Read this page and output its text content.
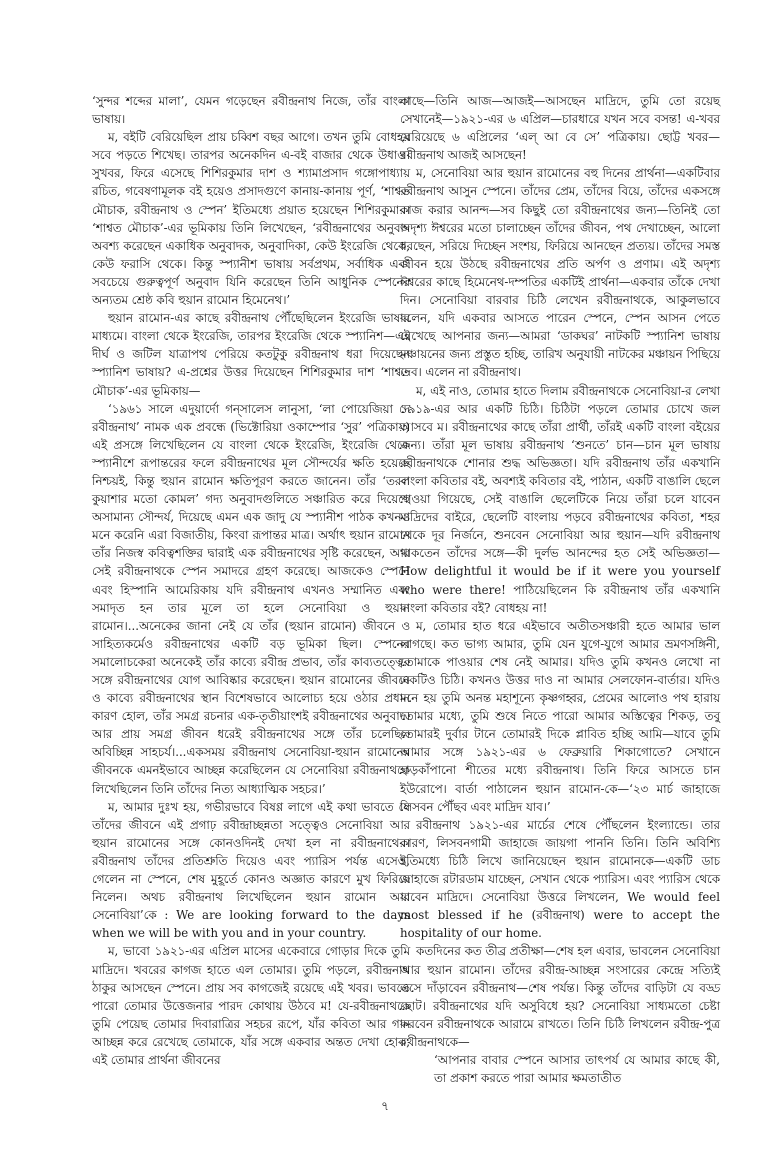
‘সুন্দর শব্দের মালা’, যেমন গড়েছেন রবীন্দ্রনাথ নিজে, তাঁর বাংলা ভাষায়।

ম, বইটি বেরিয়েছিল প্রায় চব্বিশ বছর আগে। তখন তুমি বোধহয় সবে পড়তে শিখেছ। তারপর অনেকদিন এ-বই বাজার থেকে উধাও। সুখবর, ফিরে এসেছে শিশিরকুমার দাশ ও শ্যামাপ্রসাদ গঙ্গোপাধ্যায় রচিত, গবেষণামূলক বই হয়েও প্রসাদগুণে কানায়-কানায় পূর্ণ, ‘শাশ্বত মৌচাক, রবীন্দ্রনাথ ও স্পেন’ ইতিমধ্যে প্রয়াত হয়েছেন শিশিরকুমার। ‘শাশ্বত মৌচাক’-এর ভূমিকায় তিনি লিখেছেন, ‘রবীন্দ্রনাথের অনুবাদ অবশ্য করেছেন একাধিক অনুবাদক, অনুবাদিকা, কেউ ইংরেজি থেকে, কেউ ফরাসি থেকে। কিন্তু স্প্যানীশ ভাষায় সর্বপ্রথম, সর্বাধিক এবং সবচেয়ে গুরুত্বপূর্ণ অনুবাদ যিনি করেছেন তিনি আধুনিক স্পেনের অন্যতম শ্রেষ্ঠ কবি হুয়ান রামোন হিমেনেথ।’

হুয়ান রামোন-এর কাছে রবীন্দ্রনাথ পৌঁছেছিলেন ইংরেজি ভাষার মাধ্যমে। বাংলা থেকে ইংরেজি, তারপর ইংরেজি থেকে স্প্যানিশ—এই দীর্ঘ ও জটিল যাত্রাপথ পেরিয়ে কতটুকু রবীন্দ্রনাথ ধরা দিয়েছেন স্প্যানিশ ভাষায়? এ-প্রশ্নের উত্তর দিয়েছেন শিশিরকুমার দাশ ‘শাশ্বত মৌচাক’-এর ভূমিকায়—

‘১৯৬১ সালে এদুয়ার্দো গন্‌সালেস লানুসা, ‘লা পোয়েজিয়া দে রবীন্দ্রনাথ’ নামক এক প্রবন্ধে (ভিক্টোরিয়া ওকাম্পোর ‘সুর’ পত্রিকায়) এই প্রসঙ্গে লিখেছিলেন যে বাংলা থেকে ইংরেজি, ইংরেজি থেকে স্প্যানীশে রূপান্তরের ফলে রবীন্দ্রনাথের মূল সৌন্দর্যের ক্ষতি হয়েছে নিশ্চয়ই, কিন্তু হুয়ান রামোন ক্ষতিপূরণ করতে জানেন। তাঁর ‘তরল কুয়াশার মতো কোমল’ গদ্য অনুবাদগুলিতে সঞ্চারিত করে দিয়েছে অসামান্য সৌন্দর্য, দিয়েছে এমন এক জাদু যে স্প্যানীশ পাঠক কখনও মনে করেনি এরা বিজাতীয়, কিংবা রূপান্তর মাত্র। অর্থাৎ হুয়ান রামোন তাঁর নিজস্ব কবিত্বশক্তির দ্বারাই এক রবীন্দ্রনাথের সৃষ্টি করেছেন, আর সেই রবীন্দ্রনাথকে স্পেন সমাদরে গ্রহণ করেছে। আজকেও স্পেনে এবং হিস্পানি আমেরিকায় যদি রবীন্দ্রনাথ এখনও সম্মানিত এবং সমাদৃত হন তার মূলে তা হলে সেনোবিয়া ও হুয়ান রামোন।...অনেকের জানা নেই যে তাঁর (হুয়ান রামোন) জীবনে ও সাহিত্যকর্মেও রবীন্দ্রনাথের একটি বড় ভূমিকা ছিল। স্পেনের সমালোচকেরা অনেকেই তাঁর কাব্যে রবীন্দ্র প্রভাব, তাঁর কাব্যতত্ত্বের সঙ্গে রবীন্দ্রনাথের যোগ আবিষ্কার করেছেন। হুয়ান রামোনের জীবনে ও কাব্যে রবীন্দ্রনাথের স্থান বিশেষভাবে আলোচ্য হয়ে ওঠার প্রধান কারণ হোল, তাঁর সমগ্র রচনার এক-তৃতীয়াংশই রবীন্দ্রনাথের অনুবাদ। আর প্রায় সমগ্র জীবন ধরেই রবীন্দ্রনাথের সঙ্গে তাঁর চলেছিল অবিচ্ছিন্ন সাহচর্য।...একসময় রবীন্দ্রনাথ সেনোবিয়া-হুয়ান রামোনের জীবনকে এমনইভাবে আচ্ছন্ন করেছিলেন যে সেনোবিয়া রবীন্দ্রনাথকে লিখেছিলেন তিনি তাঁদের নিত্য আধ্যাত্মিক সহচর।’

ম, আমার দুঃখ হয়, গভীরভাবে বিষণ্ণ লাগে এই কথা ভাবতে যে তাঁদের জীবনে এই প্রগাঢ় রবীন্দ্রাচ্ছন্নতা সত্ত্বেও সেনোবিয়া আর হুয়ান রামোনের সঙ্গে কোনওদিনই দেখা হল না রবীন্দ্রনাথের। রবীন্দ্রনাথ তাঁদের প্রতিশ্রুতি দিয়েও এবং প্যারিস পর্যন্ত এসেও, গেলেন না স্পেনে, শেষ মুহূর্তে কোনও অজ্ঞাত কারণে মুখ ফিরিয়ে নিলেন। অথচ রবীন্দ্রনাথ লিখেছিলেন হুয়ান রামোন আর সেনোবিয়া’কে : We are looking forward to the days when we will be with you and in your country.

ম, ভাবো ১৯২১-এর এপ্রিল মাসের একেবারে গোড়ার দিকে তুমি মাদ্রিদে। খবরের কাগজ হাতে এল তোমার। তুমি পড়লে, রবীন্দ্রনাথ ঠাকুর আসছেন স্পেনে। প্রায় সব কাগজেই রয়েছে এই খবর। ভাবতে পারো তোমার উত্তেজনার পারদ কোথায় উঠবে ম! যে-রবীন্দ্রনাথকে তুমি পেয়েছ তোমার দিবারাত্রির সহচর রূপে, যাঁর কবিতা আর গান আচ্ছন্ন করে রেখেছে তোমাকে, যাঁর সঙ্গে একবার অন্তত দেখা হোক, এই তোমার প্রার্থনা জীবনের

কাছে—তিনি আজ—আজই—আসছেন মাদ্রিদে, তুমি তো রয়েছ সেখানেই—১৯২১-এর ৬ এপ্রিল—চারধারে যখন সবে বসন্ত! এ-খবর বেরিয়েছে ৬ এপ্রিলের ‘এল্ আ বে সে’ পত্রিকায়। ছোট্ট খবর—রবীন্দ্রনাথ আজই আসছেন!

ম, সেনোবিয়া আর হুয়ান রামোনের বহু দিনের প্রার্থনা—একটিবার রবীন্দ্রনাথ আসুন স্পেনে। তাঁদের প্রেম, তাঁদের বিয়ে, তাঁদের একসঙ্গে কাজ করার আনন্দ—সব কিছুই তো রবীন্দ্রনাথের জন্য—তিনিই তো অদৃশ্য ঈশ্বরের মতো চালাচ্ছেন তাঁদের জীবন, পথ দেখাচ্ছেন, আলো ধরছেন, সরিয়ে দিচ্ছেন সংশয়, ফিরিয়ে আনছেন প্রত্যয়। তাঁদের সমস্ত জীবন হয়ে উঠছে রবীন্দ্রনাথের প্রতি অর্পণ ও প্রণাম। এই অদৃশ্য ঈশ্বরের কাছে হিমেনেথ-দম্পতির একটিই প্রার্থনা—একবার তাঁকে দেখা দিন। সেনোবিয়া বারবার চিঠি লেখেন রবীন্দ্রনাথকে, আকুলভাবে বলেন, যদি একবার আসতে পারেন স্পেনে, স্পেন আসন পেতে রেখেছে আপনার জন্য—আমরা ‘ডাকঘর’ নাটকটি স্প্যানিশ ভাষায় মঞ্চায়নের জন্য প্রস্তুত হচ্ছি, তারিখ অনুযায়ী নাটকের মঞ্চায়ন পিছিয়ে দেব। এলেন না রবীন্দ্রনাথ।

ম, এই নাও, তোমার হাতে দিলাম রবীন্দ্রনাথকে সেনোবিয়া-র লেখা ১৯১৯-এর আর একটি চিঠি। চিঠিটা পড়লে তোমার চোখে জল আসবে ম। রবীন্দ্রনাথের কাছে তাঁরা প্রার্থী, তাঁরই একটি বাংলা বইয়ের জন্য। তাঁরা মূল ভাষায় রবীন্দ্রনাথ ‘শুনতে’ চান—চান মূল ভাষায় রবীন্দ্রনাথকে শোনার শুদ্ধ অভিজ্ঞতা। যদি রবীন্দ্রনাথ তাঁর একখানি বাংলা কবিতার বই, অবশ্যই কবিতার বই, পাঠান, একটি বাঙালি ছেলে পাওয়া গিয়েছে, সেই বাঙালি ছেলেটিকে নিয়ে তাঁরা চলে যাবেন মাদ্রিদের বাইরে, ছেলেটি বাংলায় পড়বে রবীন্দ্রনাথের কবিতা, শহর থেকে দূর নির্জনে, শুনবেন সেনোবিয়া আর হুয়ান—যদি রবীন্দ্রনাথ থাকতেন তাঁদের সঙ্গে—কী দুর্লভ আনন্দের হত সেই অভিজ্ঞতা—How delightful it would be if it were you yourself who were there! পাঠিয়েছিলেন কি রবীন্দ্রনাথ তাঁর একখানি বাংলা কবিতার বই? বোধহয় না!

ম, তোমার হাত ধরে এইভাবে অতীতসঞ্চারী হতে আমার ভাল লাগছে। কত ভাগ্য আমার, তুমি যেন যুগে-যুগে আমার ভ্রমণসঙ্গিনী, তোমাকে পাওয়ার শেষ নেই আমার। যদিও তুমি কখনও লেখো না একটিও চিঠি। কখনও উত্তর দাও না আমার সেলফোন-বার্তার। যদিও মনে হয় তুমি অনন্ত মহাশূন্যে কৃষ্ণগহ্বর, প্রেমের আলোও পথ হারায় তোমার মধ্যে, তুমি শুষে নিতে পারো আমার অস্তিত্বের শিকড়, তবু তোমারই দুর্বার টানে তোমারই দিকে প্লাবিত হচ্ছি আমি—যাবে তুমি আমার সঙ্গে ১৯২১-এর ৬ ফেব্রুয়ারি শিকাগোতে? সেখানে হাড়কাঁপানো শীতের মধ্যে রবীন্দ্রনাথ। তিনি ফিরে আসতে চান ইউরোপে। বার্তা পাঠালেন হুয়ান রামোন-কে—‘২৩ মার্চ জাহাজে লিসবন পৌঁছব এবং মাদ্রিদ যাব।’

রবীন্দ্রনাথ ১৯২১-এর মার্চের শেষে পৌঁছলেন ইংল্যান্ডে। তার কারণ, লিসবনগামী জাহাজে জায়গা পাননি তিনি। তিনি অবিশ্যি ইতিমধ্যে চিঠি লিখে জানিয়েছেন হুয়ান রামোনকে—একটি ডাচ জাহাজে রটারডাম যাচ্ছেন, সেখান থেকে প্যারিস। এবং প্যারিস থেকে যাবেন মাদ্রিদে। সেনোবিয়া উত্তরে লিখলেন, We would feel most blessed if he (রবীন্দ্রনাথ) were to accept the hospitality of our home.

কতদিনের কত তীব্র প্রতীক্ষা—শেষ হল এবার, ভাবলেন সেনোবিয়া আর হুয়ান রামোন। তাঁদের রবীন্দ্র-আচ্ছন্ন সংসারের কেন্দ্রে সত্যিই এসে দাঁড়াবেন রবীন্দ্রনাথ—শেষ পর্যন্ত। কিন্তু তাঁদের বাড়িটা যে বড্ড ছোট। রবীন্দ্রনাথের যদি অসুবিধে হয়? সেনোবিয়া সাধ্যমতো চেষ্টা করবেন রবীন্দ্রনাথকে আরামে রাখতে। তিনি চিঠি লিখলেন রবীন্দ্র-পুত্র রথীন্দ্রনাথকে—

‘আপনার বাবার স্পেনে আসার তাৎপর্য যে আমার কাছে কী, তা প্রকাশ করতে পারা আমার ক্ষমতাতীত

৭
